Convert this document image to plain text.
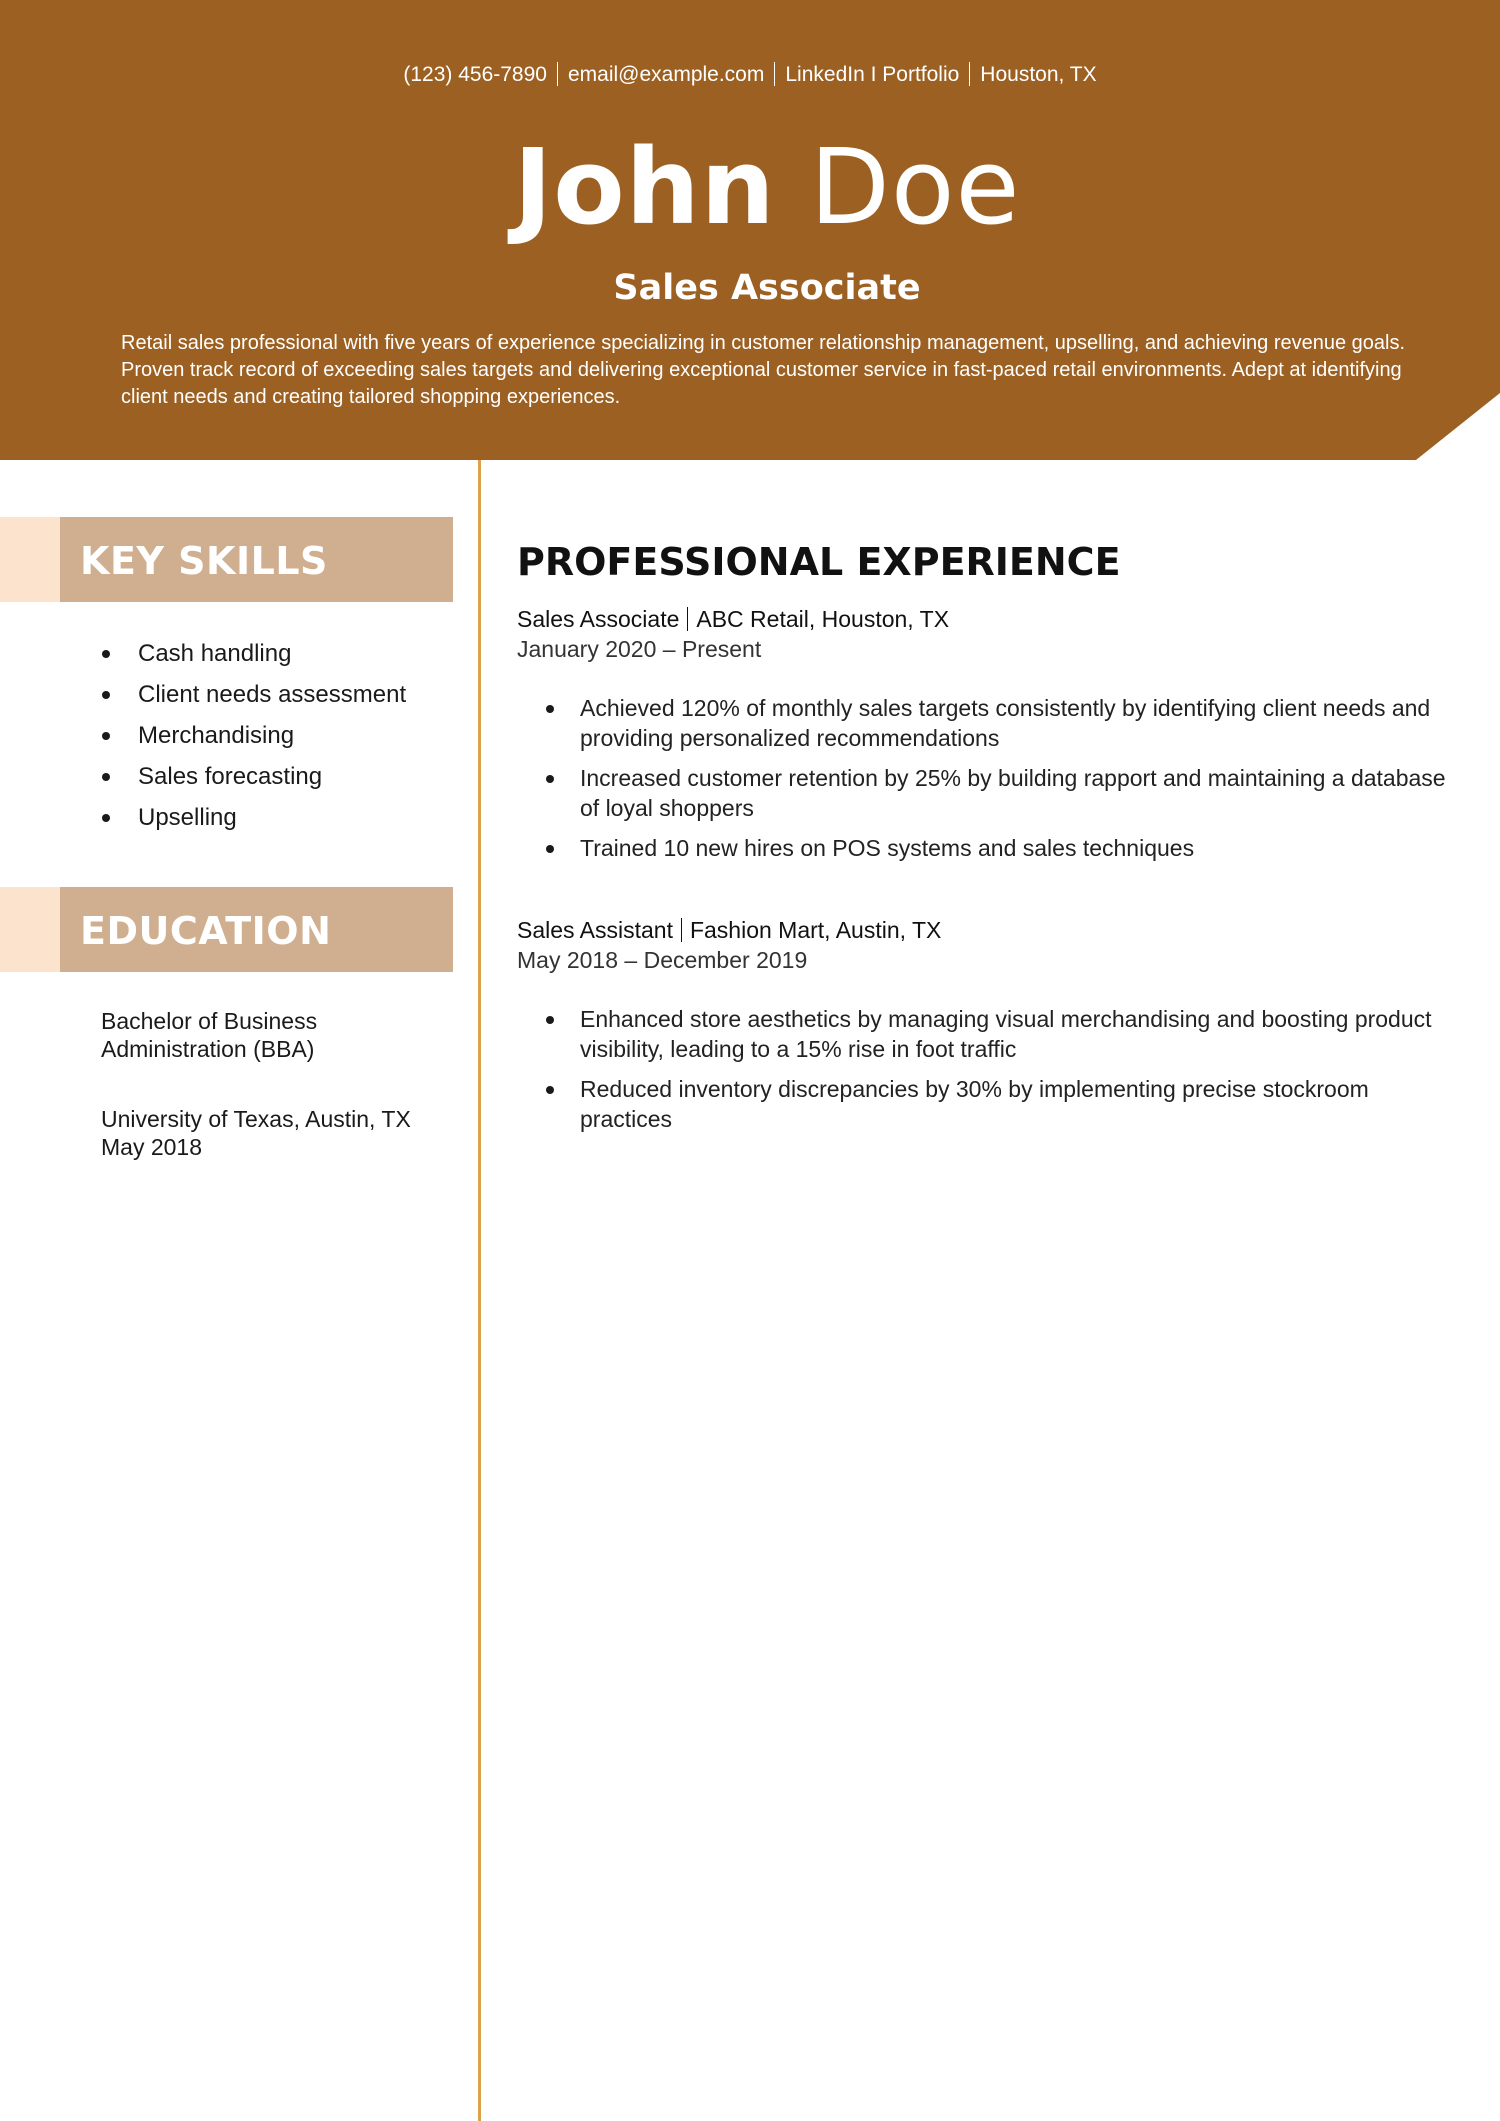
(123) 456-7890 email@example.com LinkedIn I Portfolio Houston, TX
John Doe
Sales Associate

Retail sales professional with five years of experience specializing in customer relationship management, upselling, and achieving revenue goals. Proven track record of exceeding sales targets and delivering exceptional customer service in fast-paced retail environments. Adept at identifying client needs and creating tailored shopping experiences.

KEY SKILLS
Cash handling
Client needs assessment
Merchandising
Sales forecasting
Upselling
EDUCATION

Bachelor of Business Administration (BBA)

University of Texas, Austin, TX

May 2018

PROFESSIONAL EXPERIENCE
Sales Associate ABC Retail, Houston, TX
January 2020 – Present
Achieved 120% of monthly sales targets consistently by identifying client needs and providing personalized recommendations
Increased customer retention by 25% by building rapport and maintaining a database of loyal shoppers
Trained 10 new hires on POS systems and sales techniques
Sales Assistant Fashion Mart, Austin, TX
May 2018 – December 2019
Enhanced store aesthetics by managing visual merchandising and boosting product visibility, leading to a 15% rise in foot traffic
Reduced inventory discrepancies by 30% by implementing precise stockroom practices
